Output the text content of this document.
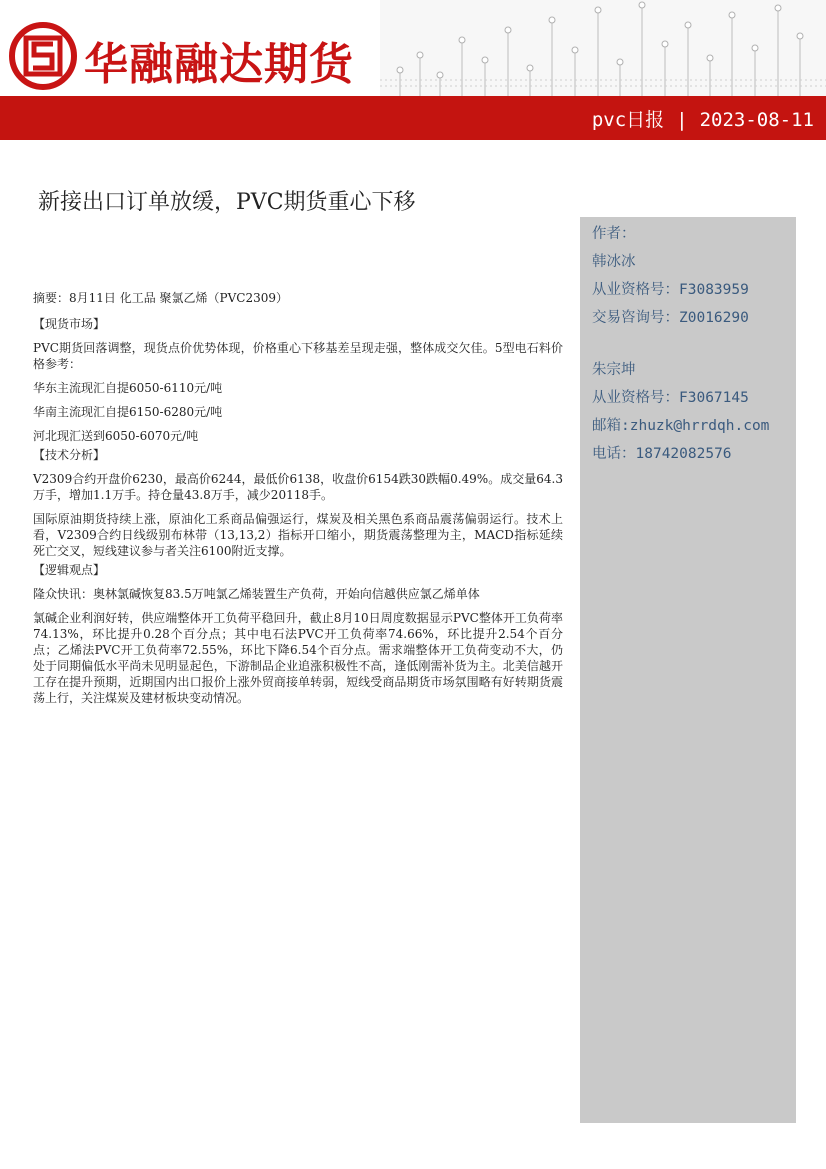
华融融达期货
pvc日报 | 2023-08-11
新接出口订单放缓，PVC期货重心下移
作者：
韩冰冰
从业资格号：F3083959
交易咨询号：Z0016290
朱宗坤
从业资格号：F3067145
邮箱:zhuzk@hrrdqh.com
电话：18742082576

摘要：8月11日 化工品 聚氯乙烯（PVC2309）

【现货市场】

PVC期货回落调整，现货点价优势体现，价格重心下移基差呈现走强，整体成交欠佳。5型电石料价格参考：

华东主流现汇自提6050-6110元/吨

华南主流现汇自提6150-6280元/吨

河北现汇送到6050-6070元/吨

【技术分析】

V2309合约开盘价6230，最高价6244，最低价6138，收盘价6154跌30跌幅0.49%。成交量64.3万手，增加1.1万手。持仓量43.8万手，减少20118手。

国际原油期货持续上涨，原油化工系商品偏强运行，煤炭及相关黑色系商品震荡偏弱运行。技术上看，V2309合约日线级别布林带（13,13,2）指标开口缩小，期货震荡整理为主，MACD指标延续死亡交叉，短线建议参与者关注6100附近支撑。

【逻辑观点】

隆众快讯：奥林氯碱恢复83.5万吨氯乙烯装置生产负荷，开始向信越供应氯乙烯单体

氯碱企业利润好转，供应端整体开工负荷平稳回升，截止8月10日周度数据显示PVC整体开工负荷率74.13%，环比提升0.28个百分点；其中电石法PVC开工负荷率74.66%，环比提升2.54个百分点；乙烯法PVC开工负荷率72.55%，环比下降6.54个百分点。需求端整体开工负荷变动不大，仍处于同期偏低水平尚未见明显起色，下游制品企业追涨积极性不高，逢低刚需补货为主。北美信越开工存在提升预期，近期国内出口报价上涨外贸商接单转弱，短线受商品期货市场氛围略有好转期货震荡上行，关注煤炭及建材板块变动情况。
